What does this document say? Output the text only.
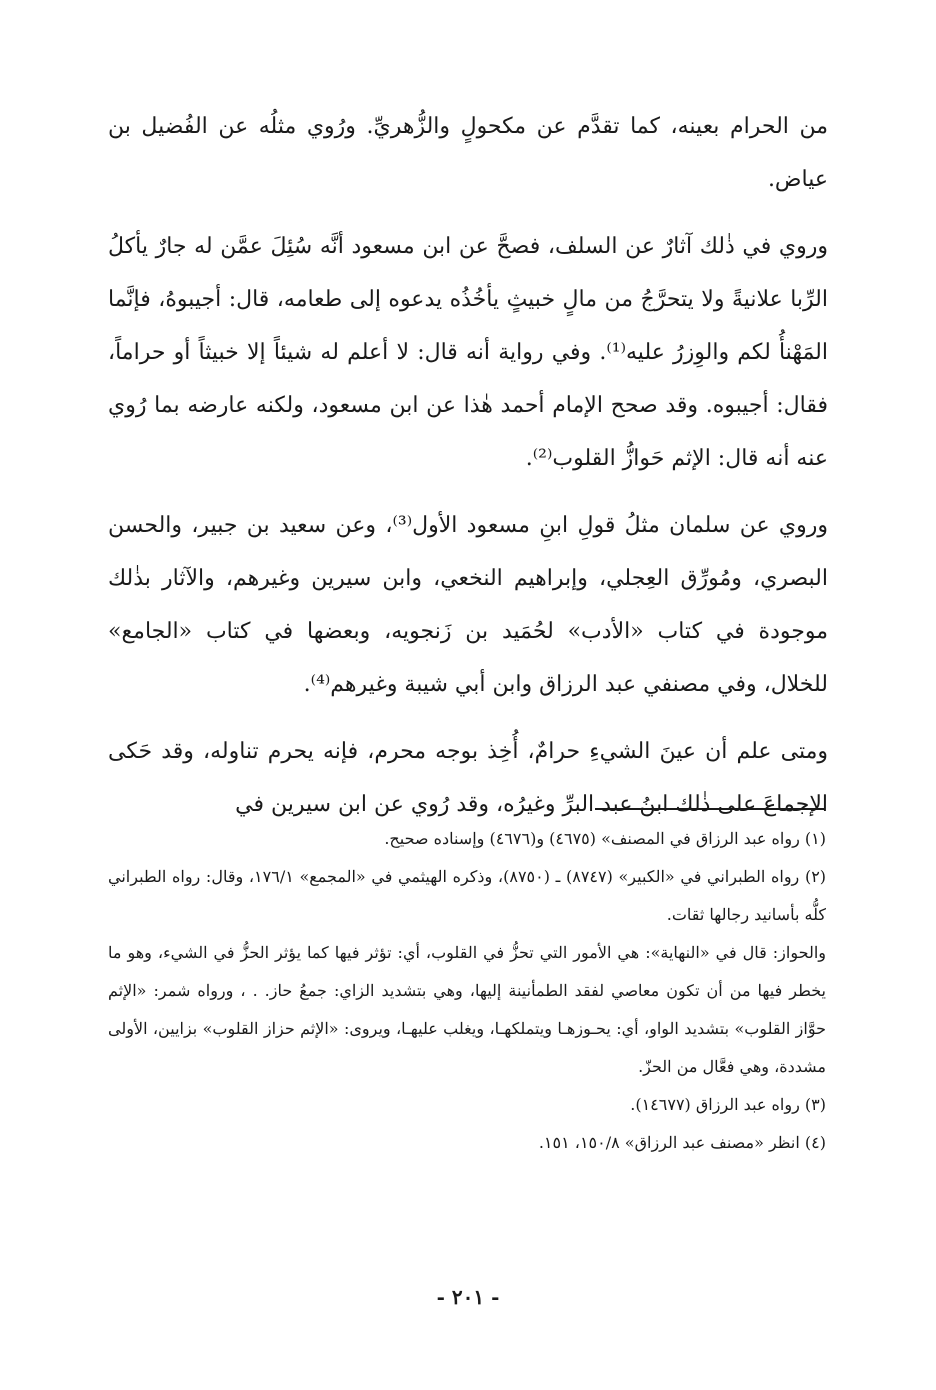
من الحرام بعينه، كما تقدَّم عن مكحولٍ والزُّهريِّ. ورُوي مثلُه عن الفُضيل بن عياض.

وروي في ذٰلك آثارٌ عن السلف، فصحَّ عن ابن مسعود أنَّه سُئِلَ عمَّن له جارٌ يأكلُ الرِّبا علانيةً ولا يتحرَّجُ من مالٍ خبيثٍ يأخُذُه يدعوه إلى طعامه، قال: أجيبوهُ، فإنَّما المَهْنأُ لكم والوِزرُ عليه⁽¹⁾. وفي رواية أنه قال: لا أعلم له شيئاً إلا خبيثاً أو حراماً، فقال: أجيبوه. وقد صحح الإمام أحمد هٰذا عن ابن مسعود، ولكنه عارضه بما رُوي عنه أنه قال: الإثم حَوازُّ القلوب⁽²⁾.

وروي عن سلمان مثلُ قولِ ابنِ مسعود الأول⁽³⁾، وعن سعيد بن جبير، والحسن البصري، ومُورِّق العِجلي، وإبراهيم النخعي، وابن سيرين وغيرهم، والآثار بذٰلك موجودة في كتاب «الأدب» لحُمَيد بن زَنجويه، وبعضها في كتاب «الجامع» للخلال، وفي مصنفي عبد الرزاق وابن أبي شيبة وغيرهم⁽⁴⁾.

ومتى علم أن عينَ الشيءِ حرامٌ، أُخِذ بوجه محرم، فإنه يحرم تناوله، وقد حَكى الإجماعَ على ذٰلك ابنُ عبد البرِّ وغيرُه، وقد رُوي عن ابن سيرين في

(١) رواه عبد الرزاق في المصنف» (٤٦٧٥) و(٤٦٧٦) وإسناده صحيح.

(٢) رواه الطبراني في «الكبير» (٨٧٤٧) ـ (٨٧٥٠)، وذكره الهيثمي في «المجمع» ١٧٦/١، وقال: رواه الطبراني كلُّه بأسانيد رجالها ثقات.

والحواز: قال في «النهاية»: هي الأمور التي تحزُّ في القلوب، أي: تؤثر فيها كما يؤثر الحزُّ في الشيء، وهو ما يخطر فيها من أن تكون معاصي لفقد الطمأنينة إليها، وهي بتشديد الزاي: جمعُ حاز. . ، ورواه شمر: «الإثم حوَّاز القلوب» بتشديد الواو، أي: يحـوزهـا ويتملكهـا، ويغلب عليهـا، ويروى: «الإثم حزاز القلوب» بزايين، الأولى مشددة، وهي فعَّال من الحزّ.

(٣) رواه عبد الرزاق (١٤٦٧٧).

(٤) انظر «مصنف عبد الرزاق» ١٥٠/٨، ١٥١.

- ٢٠١ -
